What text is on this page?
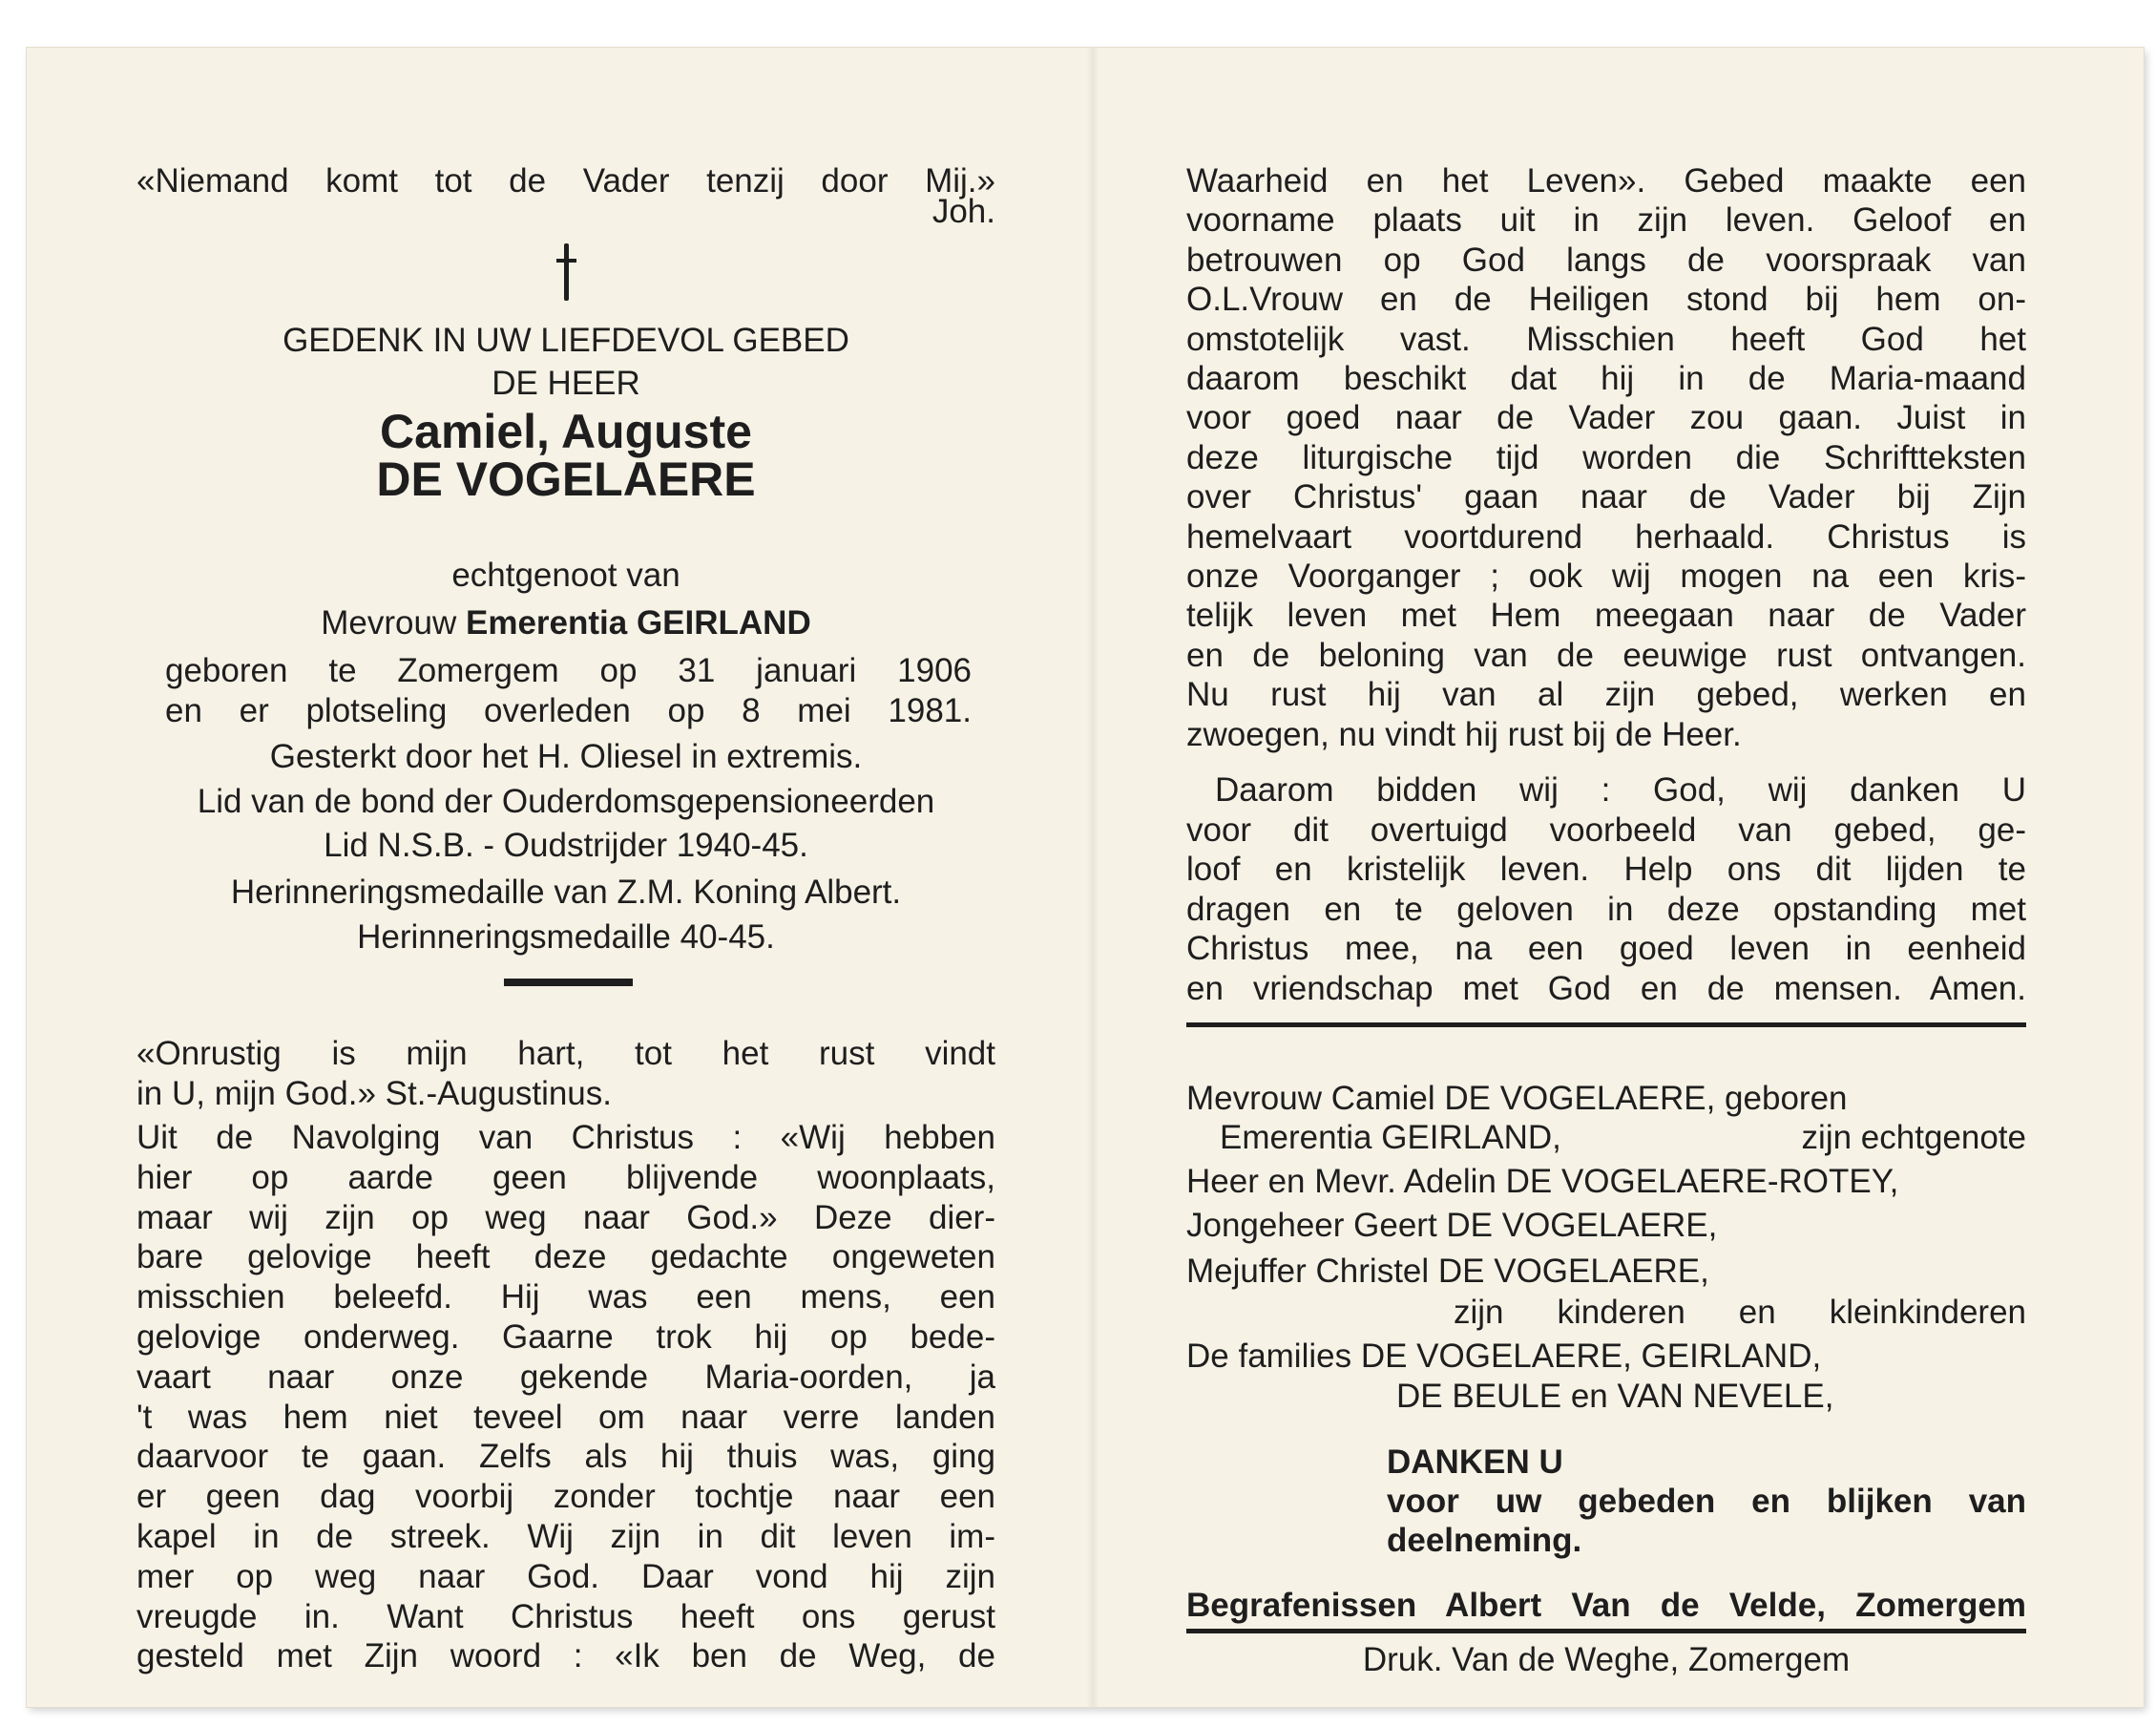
«Niemand komt tot de Vader tenzij door Mij.»
Joh.
GEDENK IN UW LIEFDEVOL GEBED
DE HEER
Camiel, Auguste
DE VOGELAERE
echtgenoot van
Mevrouw Emerentia GEIRLAND
geboren te Zomergem op 31 januari 1906
en er plotseling overleden op 8 mei 1981.
Gesterkt door het H. Oliesel in extremis.
Lid van de bond der Ouderdomsgepensioneerden
Lid N.S.B. - Oudstrijder 1940-45.
Herinneringsmedaille van Z.M. Koning Albert.
Herinneringsmedaille 40-45.
«Onrustig is mijn hart, tot het rust vindt
in U, mijn God.» St.-Augustinus.
Uit de Navolging van Christus : «Wij hebben
hier op aarde geen blijvende woonplaats,
maar wij zijn op weg naar God.» Deze dier-
bare gelovige heeft deze gedachte ongeweten
misschien beleefd. Hij was een mens, een
gelovige onderweg. Gaarne trok hij op bede-
vaart naar onze gekende Maria-oorden, ja
't was hem niet teveel om naar verre landen
daarvoor te gaan. Zelfs als hij thuis was, ging
er geen dag voorbij zonder tochtje naar een
kapel in de streek. Wij zijn in dit leven im-
mer op weg naar God. Daar vond hij zijn
vreugde in. Want Christus heeft ons gerust
gesteld met Zijn woord : «Ik ben de Weg, de
Waarheid en het Leven». Gebed maakte een
voorname plaats uit in zijn leven. Geloof en
betrouwen op God langs de voorspraak van
O.L.Vrouw en de Heiligen stond bij hem on-
omstotelijk vast. Misschien heeft God het
daarom beschikt dat hij in de Maria-maand
voor goed naar de Vader zou gaan. Juist in
deze liturgische tijd worden die Schriftteksten
over Christus' gaan naar de Vader bij Zijn
hemelvaart voortdurend herhaald. Christus is
onze Voorganger ; ook wij mogen na een kris-
telijk leven met Hem meegaan naar de Vader
en de beloning van de eeuwige rust ontvangen.
Nu rust hij van al zijn gebed, werken en
zwoegen, nu vindt hij rust bij de Heer.
Daarom bidden wij : God, wij danken U
voor dit overtuigd voorbeeld van gebed, ge-
loof en kristelijk leven. Help ons dit lijden te
dragen en te geloven in deze opstanding met
Christus mee, na een goed leven in eenheid
en vriendschap met God en de mensen. Amen.
Mevrouw Camiel DE VOGELAERE, geboren
Emerentia GEIRLAND,	zijn echtgenote
Heer en Mevr. Adelin DE VOGELAERE-ROTEY,
Jongeheer Geert DE VOGELAERE,
Mejuffer Christel DE VOGELAERE,
zijn kinderen en kleinkinderen
De families DE VOGELAERE, GEIRLAND,
DE BEULE en VAN NEVELE,
DANKEN U
voor uw gebeden en blijken van
deelneming.
Begrafenissen Albert Van de Velde, Zomergem
Druk. Van de Weghe, Zomergem
